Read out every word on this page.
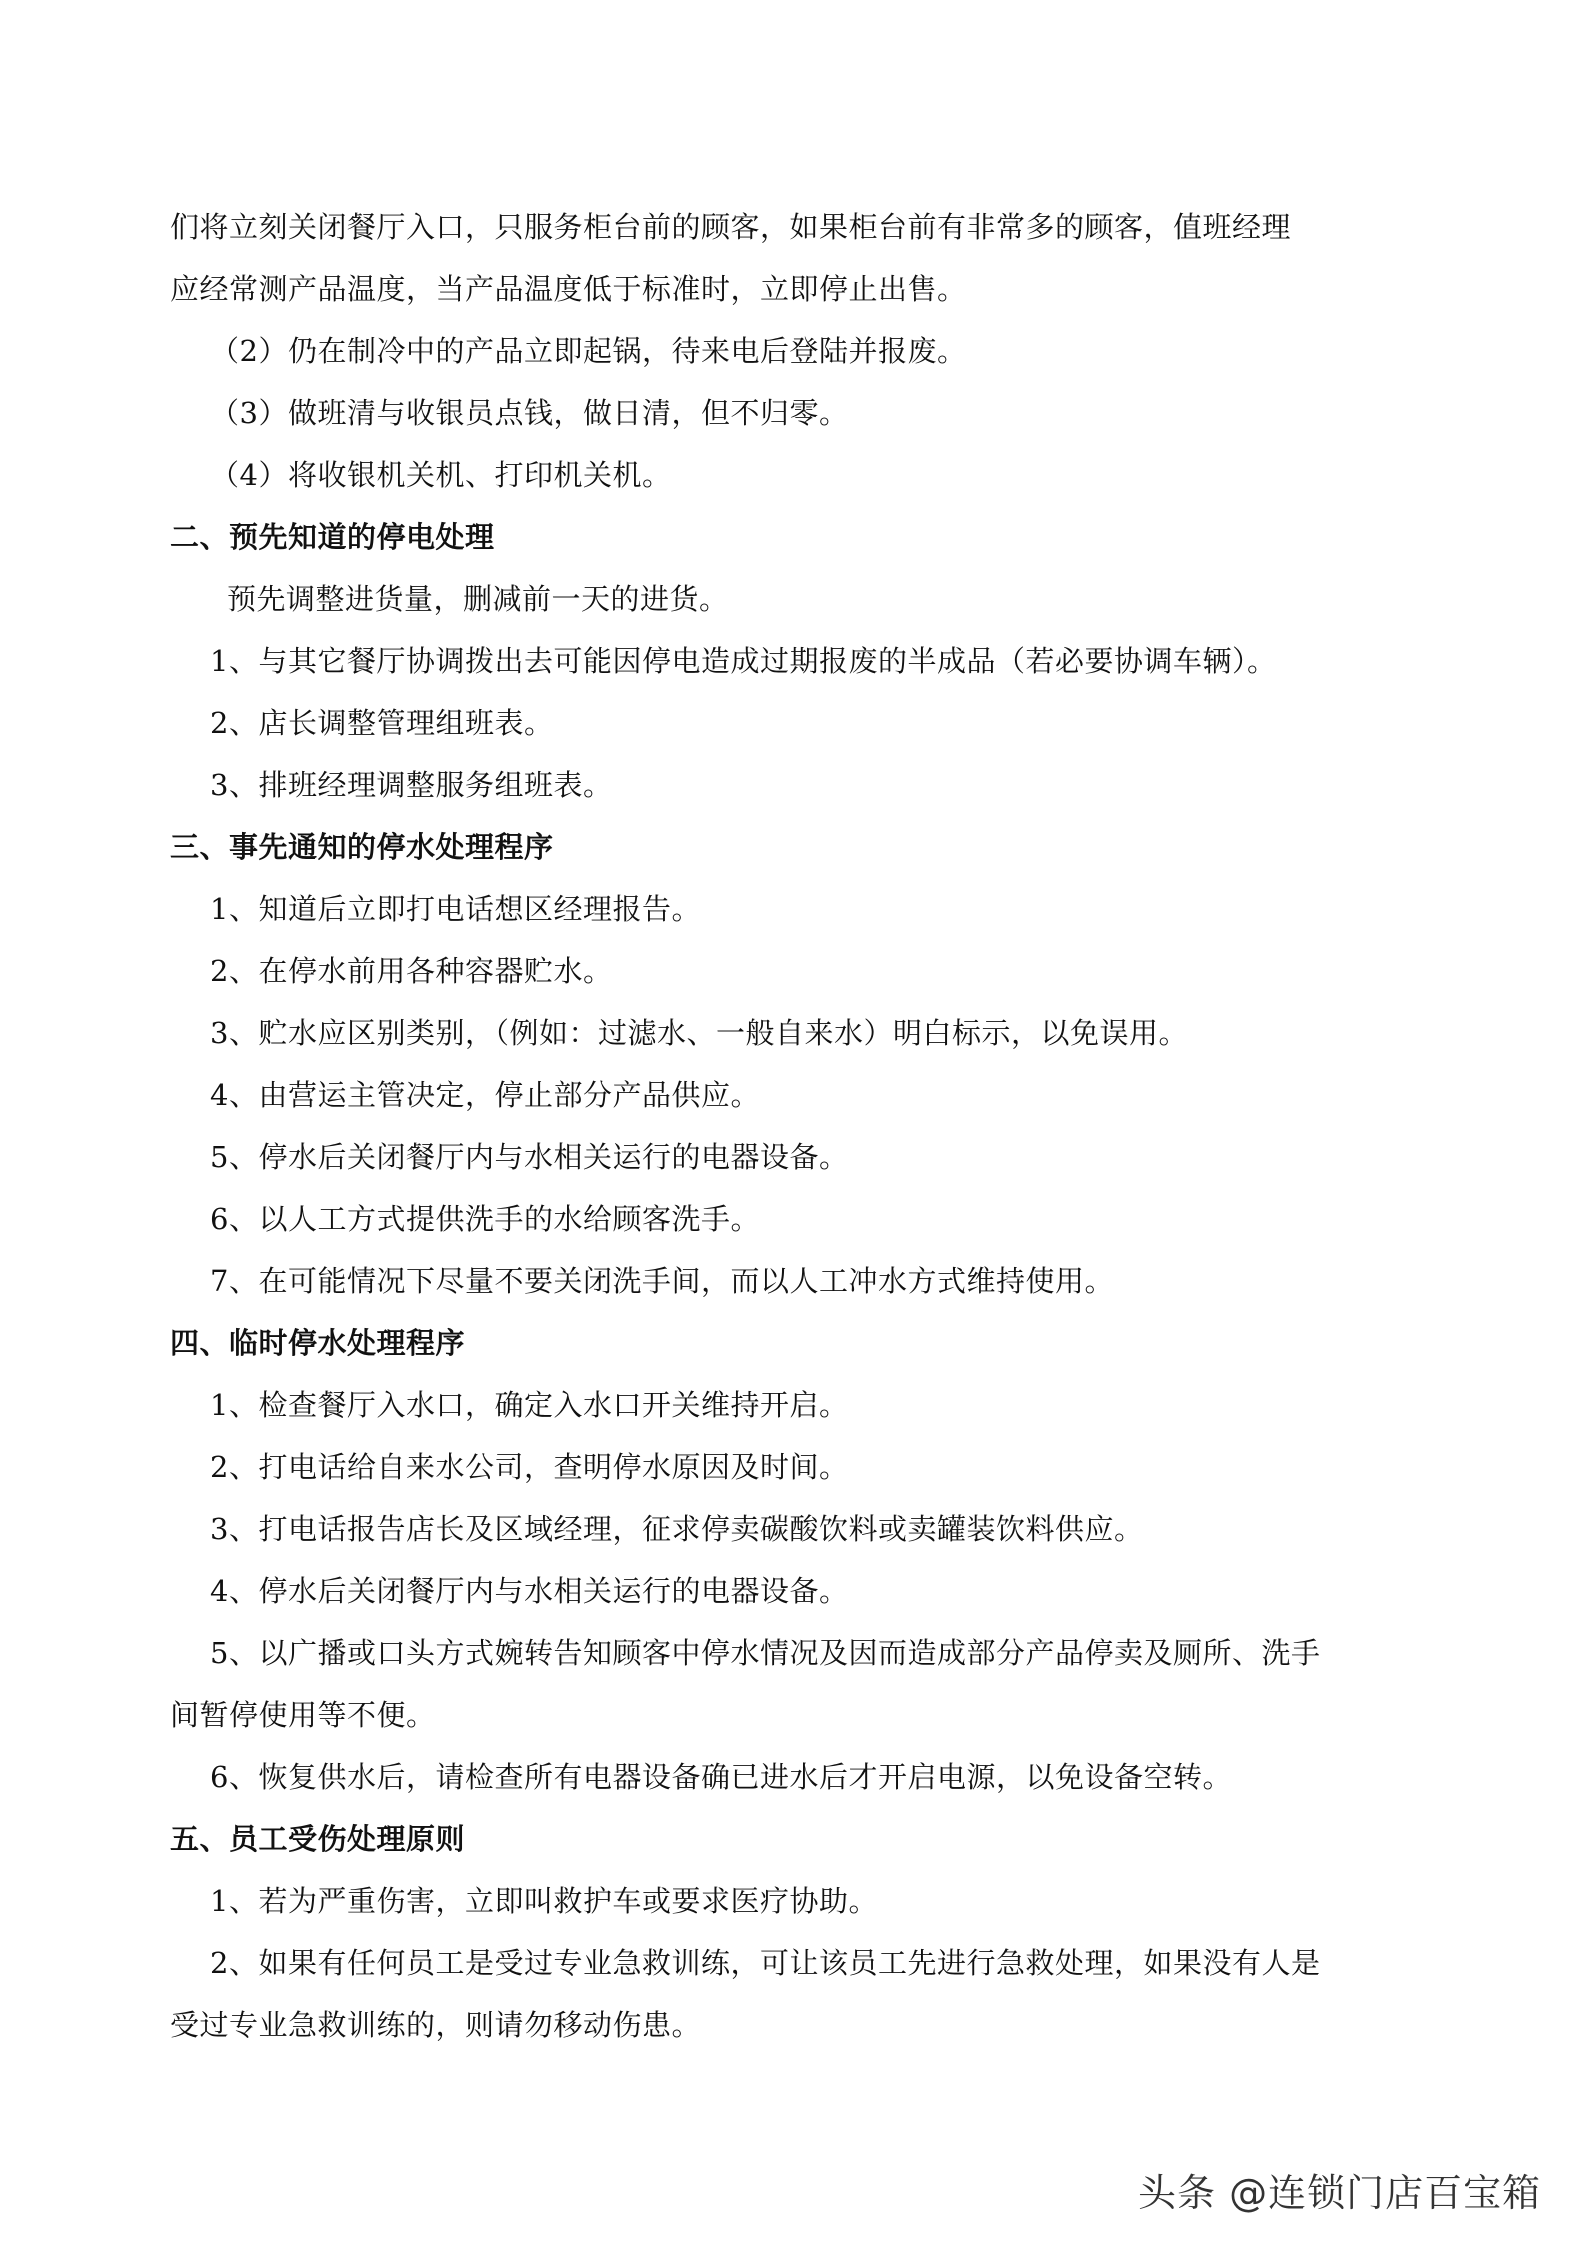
们将立刻关闭餐厅入口，只服务柜台前的顾客，如果柜台前有非常多的顾客，值班经理
应经常测产品温度，当产品温度低于标准时，立即停止出售。
（2）仍在制冷中的产品立即起锅，待来电后登陆并报废。
（3）做班清与收银员点钱，做日清，但不归零。
（4）将收银机关机、打印机关机。
二、预先知道的停电处理
预先调整进货量，删减前一天的进货。
1、与其它餐厅协调拨出去可能因停电造成过期报废的半成品（若必要协调车辆）。
2、店长调整管理组班表。
3、排班经理调整服务组班表。
三、事先通知的停水处理程序
1、知道后立即打电话想区经理报告。
2、在停水前用各种容器贮水。
3、贮水应区别类别，（例如：过滤水、一般自来水）明白标示，以免误用。
4、由营运主管决定，停止部分产品供应。
5、停水后关闭餐厅内与水相关运行的电器设备。
6、以人工方式提供洗手的水给顾客洗手。
7、在可能情况下尽量不要关闭洗手间，而以人工冲水方式维持使用。
四、临时停水处理程序
1、检查餐厅入水口，确定入水口开关维持开启。
2、打电话给自来水公司，查明停水原因及时间。
3、打电话报告店长及区域经理，征求停卖碳酸饮料或卖罐装饮料供应。
4、停水后关闭餐厅内与水相关运行的电器设备。
5、以广播或口头方式婉转告知顾客中停水情况及因而造成部分产品停卖及厕所、洗手
间暂停使用等不便。
6、恢复供水后，请检查所有电器设备确已进水后才开启电源，以免设备空转。
五、员工受伤处理原则
1、若为严重伤害，立即叫救护车或要求医疗协助。
2、如果有任何员工是受过专业急救训练，可让该员工先进行急救处理，如果没有人是
受过专业急救训练的，则请勿移动伤患。
头条 @连锁门店百宝箱
